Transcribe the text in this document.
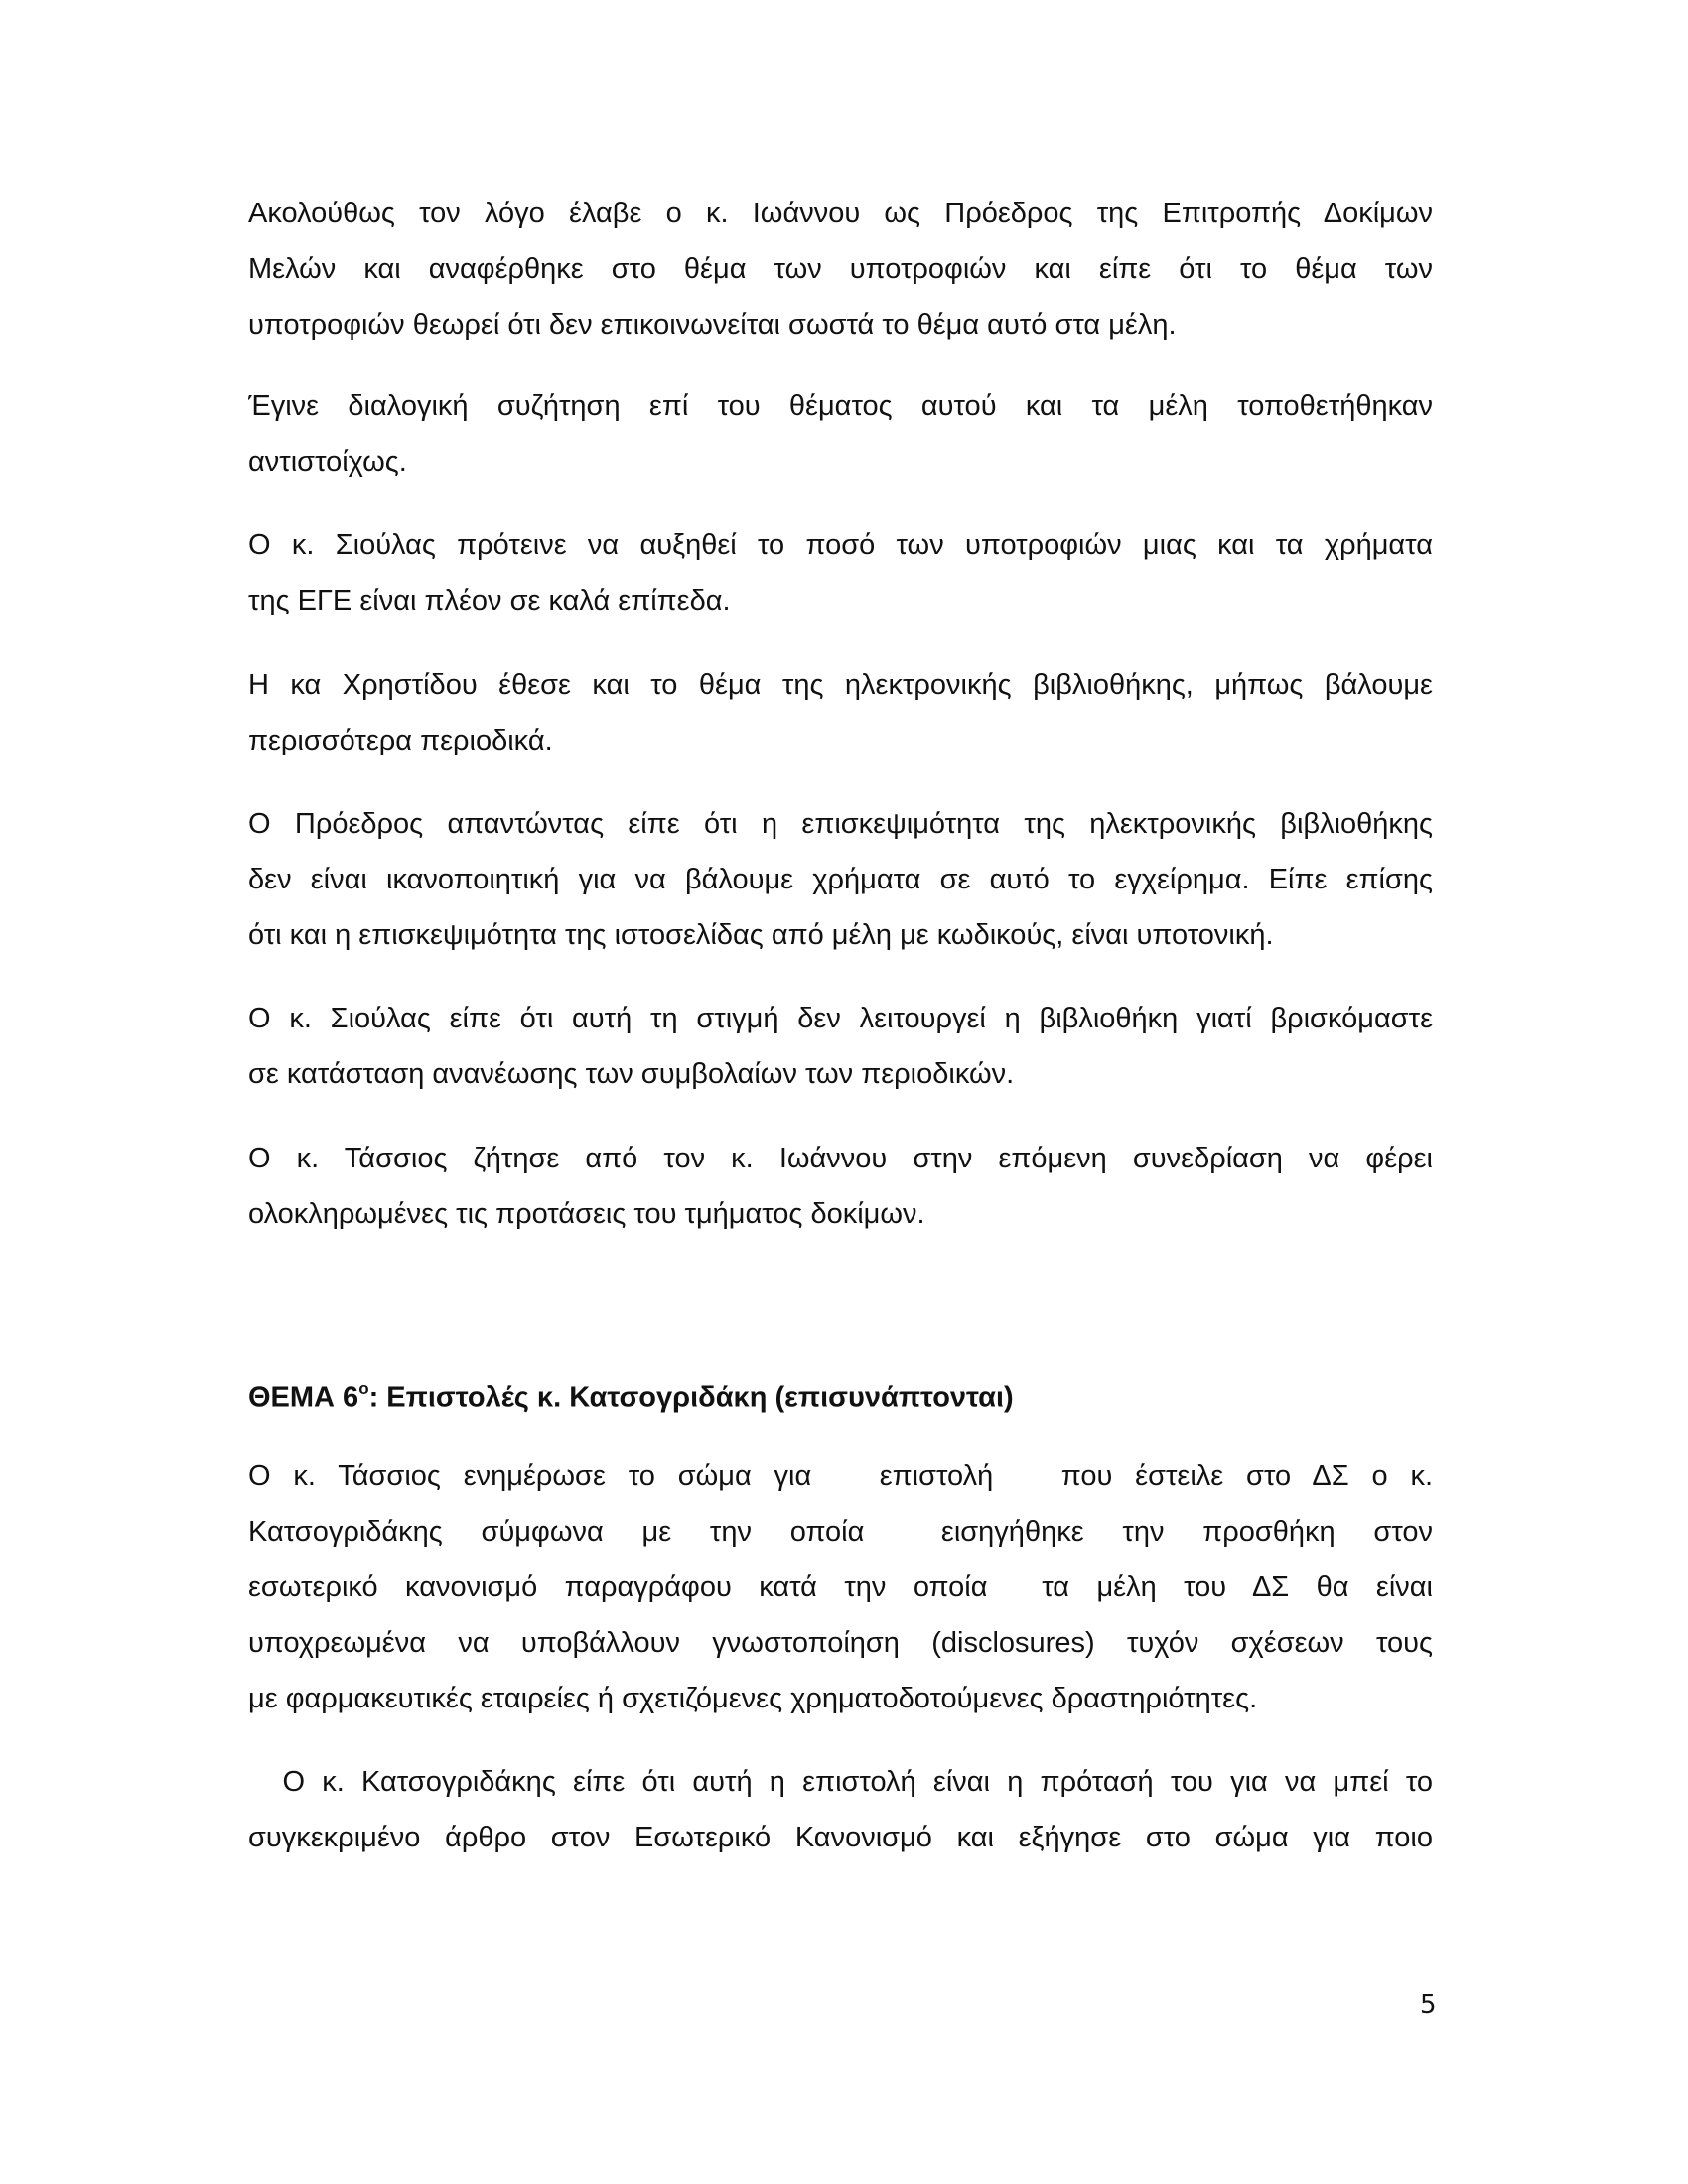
Ακολούθως τον λόγο έλαβε ο κ. Ιωάννου ως Πρόεδρος της Επιτροπής Δοκίμων
Μελών και αναφέρθηκε στο θέμα των υποτροφιών και είπε ότι το θέμα των
υποτροφιών θεωρεί ότι δεν επικοινωνείται σωστά το θέμα αυτό στα μέλη.
Έγινε διαλογική συζήτηση επί του θέματος αυτού και τα μέλη τοποθετήθηκαν
αντιστοίχως.
Ο κ. Σιούλας πρότεινε να αυξηθεί το ποσό των υποτροφιών μιας και τα χρήματα
της ΕΓΕ είναι πλέον σε καλά επίπεδα.
Η κα Χρηστίδου έθεσε και το θέμα της ηλεκτρονικής βιβλιοθήκης, μήπως βάλουμε
περισσότερα περιοδικά.
Ο Πρόεδρος απαντώντας είπε ότι η επισκεψιμότητα της ηλεκτρονικής βιβλιοθήκης
δεν είναι ικανοποιητική για να βάλουμε χρήματα σε αυτό το εγχείρημα. Είπε επίσης
ότι και η επισκεψιμότητα της ιστοσελίδας από μέλη με κωδικούς, είναι υποτονική.
Ο κ. Σιούλας είπε ότι αυτή τη στιγμή δεν λειτουργεί η βιβλιοθήκη γιατί βρισκόμαστε
σε κατάσταση ανανέωσης των συμβολαίων των περιοδικών.
Ο κ. Τάσσιος ζήτησε από τον κ. Ιωάννου στην επόμενη συνεδρίαση να φέρει
ολοκληρωμένες τις προτάσεις του τμήματος δοκίμων.
ΘΕΜΑ $6^o$: Επιστολές κ. Κατσογριδάκη (επισυνάπτονται)
Ο κ. Τάσσιος ενημέρωσε το σώμα για   επιστολή   που έστειλε στο ΔΣ ο κ.
Κατσογριδάκης σύμφωνα με την οποία  εισηγήθηκε την προσθήκη στον
εσωτερικό κανονισμό παραγράφου κατά την οποία  τα μέλη του ΔΣ θα είναι
υποχρεωμένα να υποβάλλουν γνωστοποίηση (disclosures) τυχόν σχέσεων τους
με φαρμακευτικές εταιρείες ή σχετιζόμενες χρηματοδοτούμενες δραστηριότητες.
Ο κ. Κατσογριδάκης είπε ότι αυτή η επιστολή είναι η πρότασή του για να μπεί το
συγκεκριμένο άρθρο στον Εσωτερικό Κανονισμό και εξήγησε στο σώμα για ποιο
5
